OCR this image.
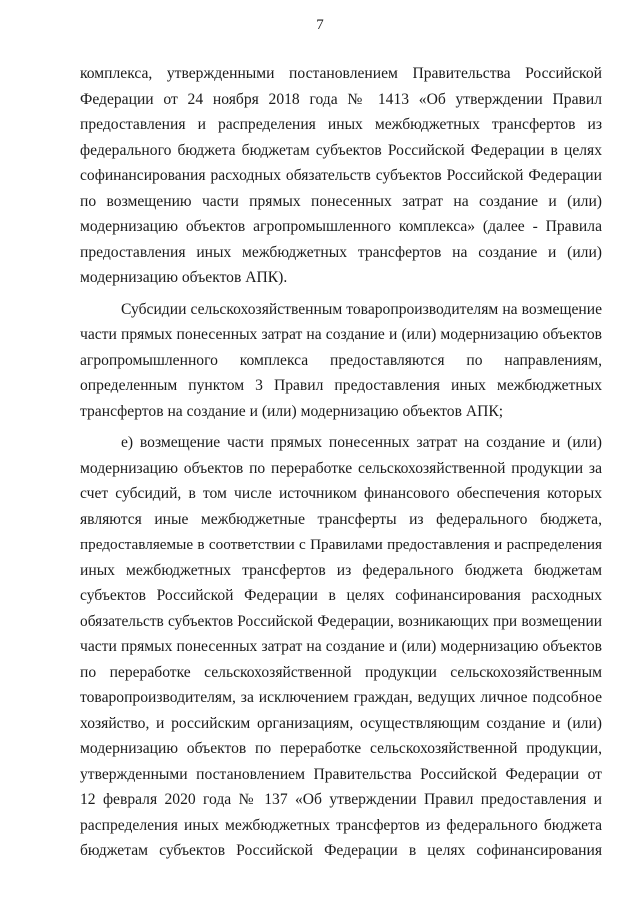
7
комплекса, утвержденными постановлением Правительства Российской
Федерации от 24 ноября 2018 года № 1413 «Об утверждении Правил
предоставления и распределения иных межбюджетных трансфертов из
федерального бюджета бюджетам субъектов Российской Федерации в целях
софинансирования расходных обязательств субъектов Российской Федерации
по возмещению части прямых понесенных затрат на создание и (или)
модернизацию объектов агропромышленного комплекса» (далее - Правила
предоставления иных межбюджетных трансфертов на создание и (или)
модернизацию объектов АПК).
Субсидии сельскохозяйственным товаропроизводителям на возмещение
части прямых понесенных затрат на создание и (или) модернизацию объектов
агропромышленного комплекса предоставляются по направлениям,
определенным пунктом 3 Правил предоставления иных межбюджетных
трансфертов на создание и (или) модернизацию объектов АПК;
е) возмещение части прямых понесенных затрат на создание и (или)
модернизацию объектов по переработке сельскохозяйственной продукции за
счет субсидий, в том числе источником финансового обеспечения которых
являются иные межбюджетные трансферты из федерального бюджета,
предоставляемые в соответствии с Правилами предоставления и распределения
иных межбюджетных трансфертов из федерального бюджета бюджетам
субъектов Российской Федерации в целях софинансирования расходных
обязательств субъектов Российской Федерации, возникающих при возмещении
части прямых понесенных затрат на создание и (или) модернизацию объектов
по переработке сельскохозяйственной продукции сельскохозяйственным
товаропроизводителям, за исключением граждан, ведущих личное подсобное
хозяйство, и российским организациям, осуществляющим создание и (или)
модернизацию объектов по переработке сельскохозяйственной продукции,
утвержденными постановлением Правительства Российской Федерации от
12 февраля 2020 года № 137 «Об утверждении Правил предоставления и
распределения иных межбюджетных трансфертов из федерального бюджета
бюджетам субъектов Российской Федерации в целях софинансирования
